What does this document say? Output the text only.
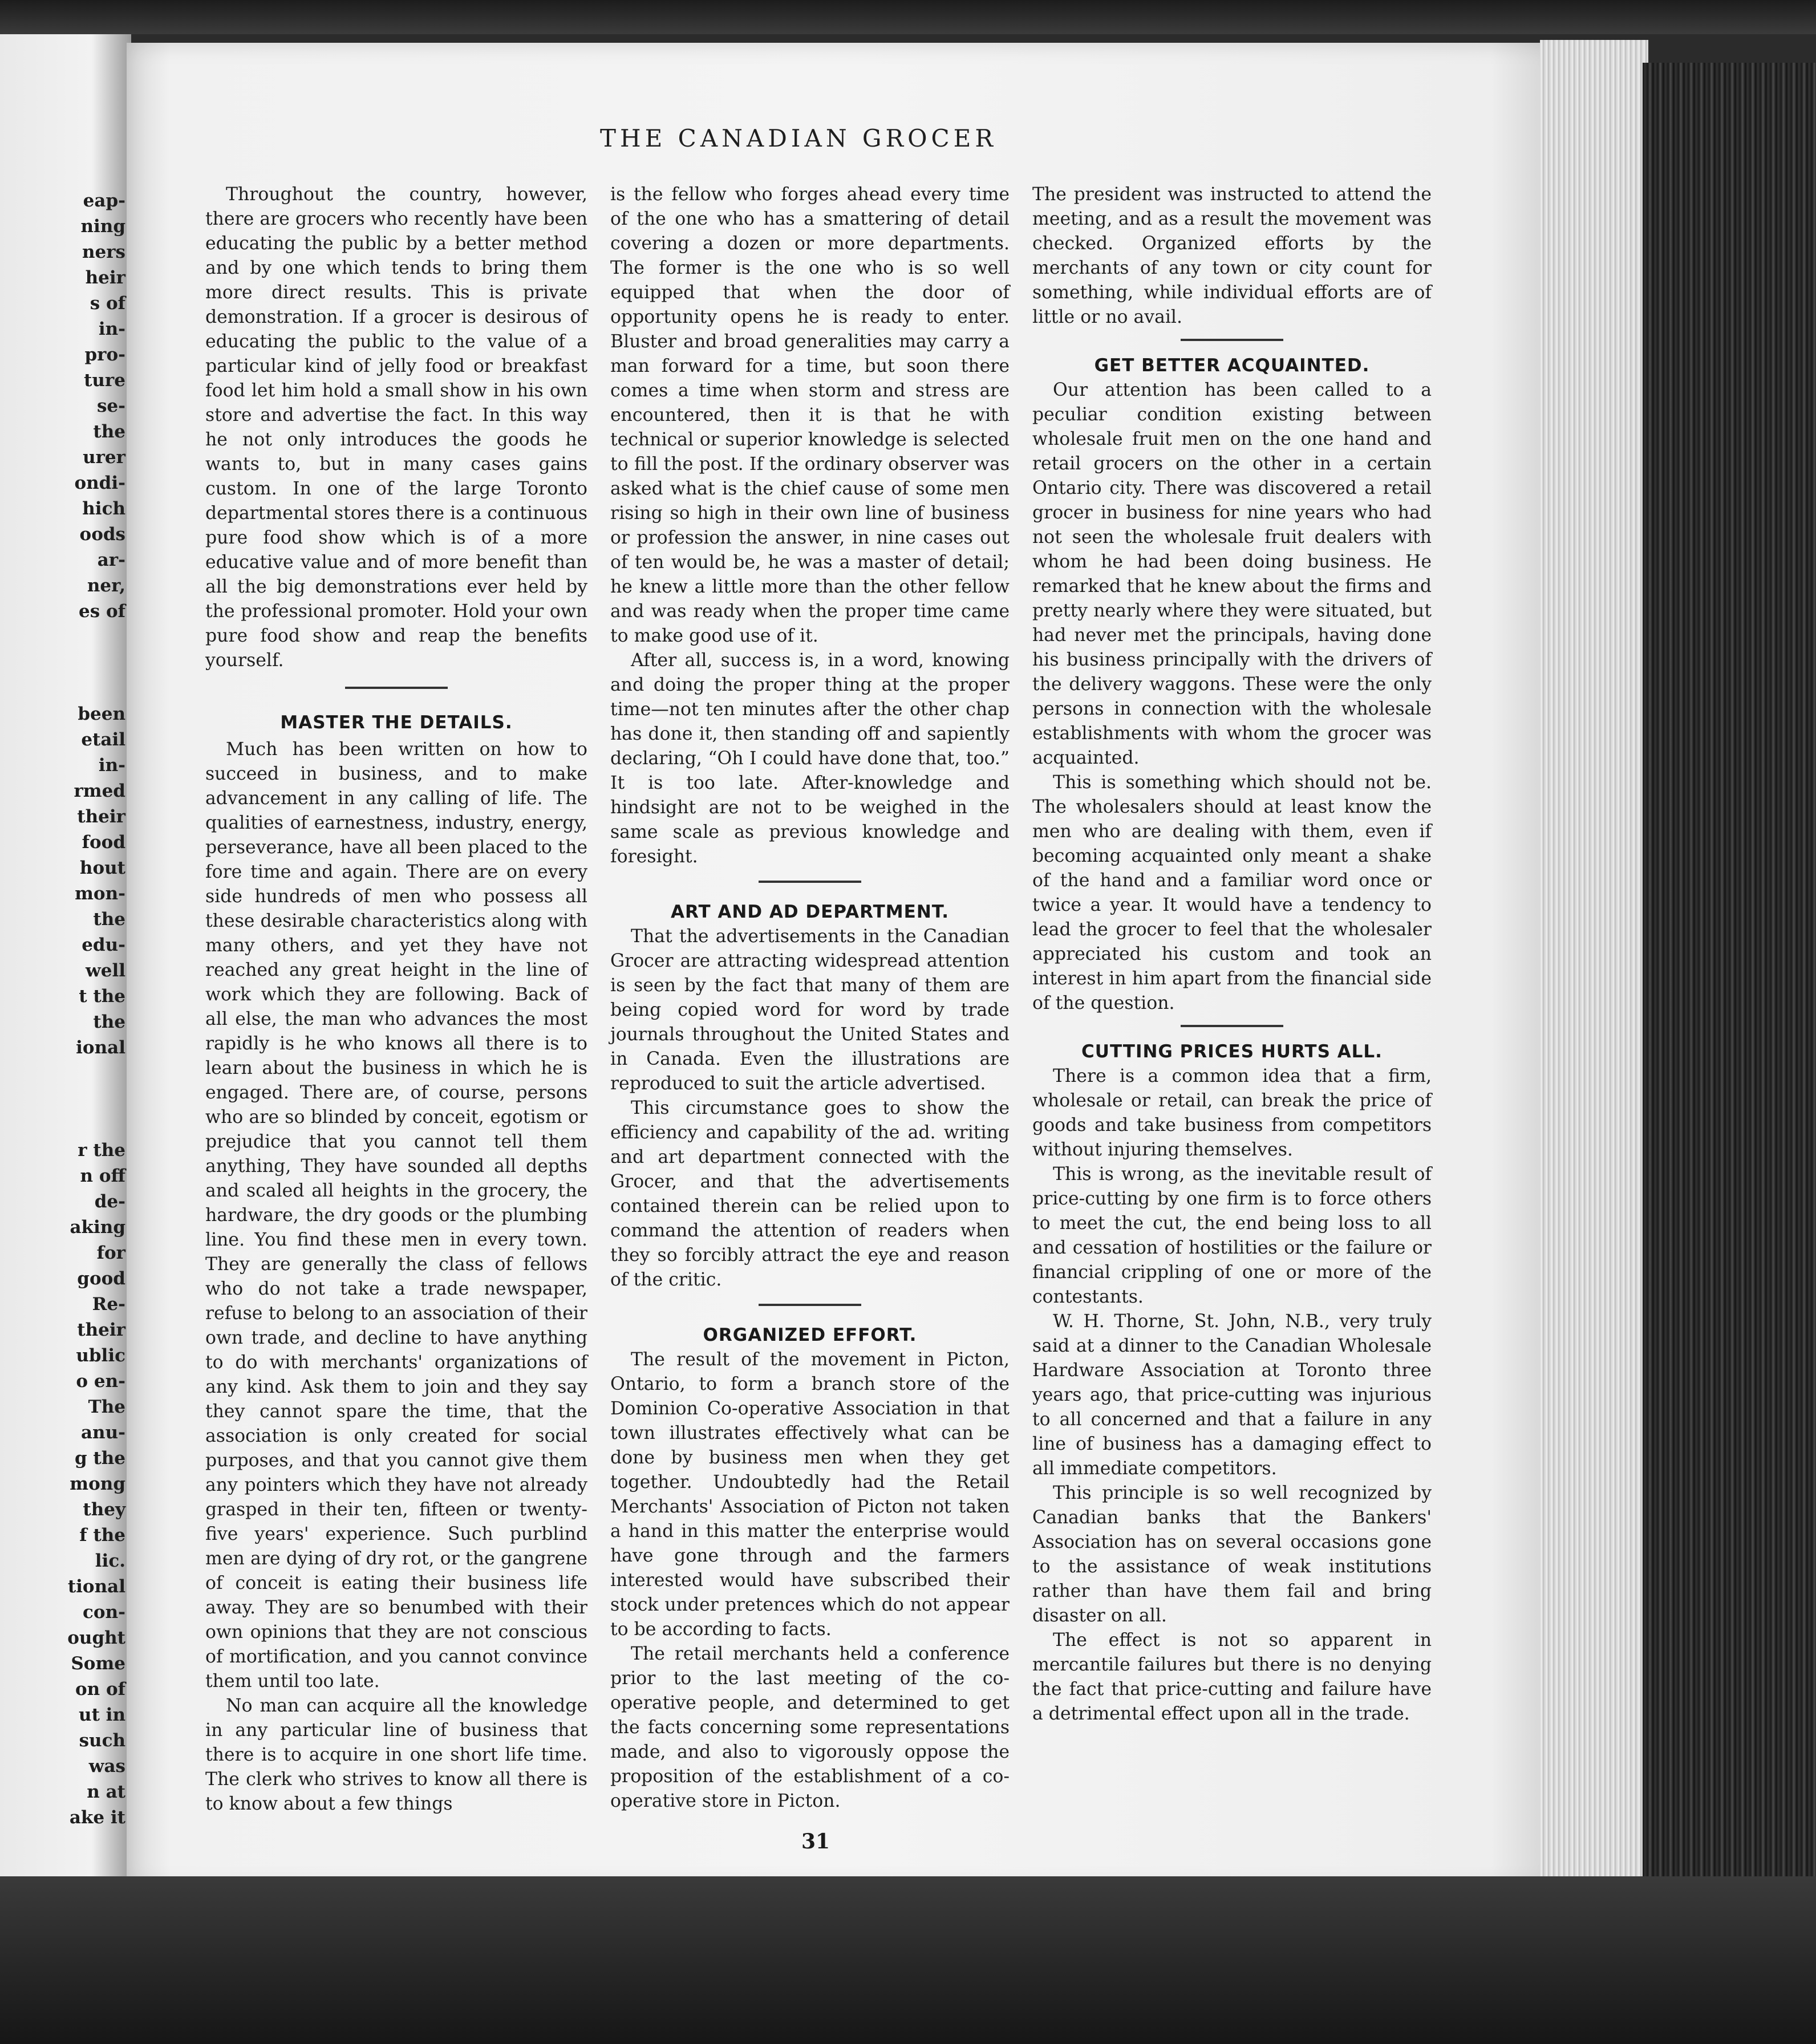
eap-
ning
ners
heir
s of
in-
pro-
ture
se-
the
urer
ondi-
hich
oods
ar-
ner,
es of
been
etail
in-
rmed
their
food
hout
mon-
the
edu-
well
t the
the
ional
r the
n off
de-
aking
for
good
Re-
their
ublic
o en-
The
anu-
g the
mong
they
f the
lic.
tional
con-
ought
Some
on of
ut in
such
was
n at
ake it
THE CANADIAN GROCER

Throughout the country, however, there are grocers who recently have been educating the public by a better method and by one which tends to bring them more direct results. This is private demonstration. If a grocer is desirous of educating the public to the value of a particular kind of jelly food or breakfast food let him hold a small show in his own store and advertise the fact. In this way he not only introduces the goods he wants to, but in many cases gains custom. In one of the large Toronto departmental stores there is a continuous pure food show which is of a more educative value and of more benefit than all the big demonstrations ever held by the professional promoter. Hold your own pure food show and reap the benefits yourself.

MASTER THE DETAILS.

Much has been written on how to succeed in business, and to make advancement in any calling of life. The qualities of earnestness, industry, energy, perseverance, have all been placed to the fore time and again. There are on every side hundreds of men who possess all these desirable characteristics along with many others, and yet they have not reached any great height in the line of work which they are following. Back of all else, the man who advances the most rapidly is he who knows all there is to learn about the business in which he is engaged. There are, of course, persons who are so blinded by conceit, egotism or prejudice that you cannot tell them anything, They have sounded all depths and scaled all heights in the grocery, the hardware, the dry goods or the plumbing line. You find these men in every town. They are generally the class of fellows who do not take a trade newspaper, refuse to belong to an association of their own trade, and decline to have anything to do with merchants' organizations of any kind. Ask them to join and they say they cannot spare the time, that the association is only created for social purposes, and that you cannot give them any pointers which they have not already grasped in their ten, fifteen or twenty-five years' experience. Such purblind men are dying of dry rot, or the gangrene of conceit is eating their business life away. They are so benumbed with their own opinions that they are not conscious of mortification, and you cannot convince them until too late.

No man can acquire all the knowledge in any particular line of business that there is to acquire in one short life time. The clerk who strives to know all there is to know about a few things

is the fellow who forges ahead every time of the one who has a smattering of detail covering a dozen or more departments. The former is the one who is so well equipped that when the door of opportunity opens he is ready to enter. Bluster and broad generalities may carry a man forward for a time, but soon there comes a time when storm and stress are encountered, then it is that he with technical or superior knowledge is selected to fill the post. If the ordinary observer was asked what is the chief cause of some men rising so high in their own line of business or profession the answer, in nine cases out of ten would be, he was a master of detail; he knew a little more than the other fellow and was ready when the proper time came to make good use of it.

After all, success is, in a word, knowing and doing the proper thing at the proper time—not ten minutes after the other chap has done it, then standing off and sapiently declaring, “Oh I could have done that, too.” It is too late. After-knowledge and hindsight are not to be weighed in the same scale as previous knowledge and foresight.

ART AND AD DEPARTMENT.

That the advertisements in the Canadian Grocer are attracting widespread attention is seen by the fact that many of them are being copied word for word by trade journals throughout the United States and in Canada. Even the illustrations are reproduced to suit the article advertised.

This circumstance goes to show the efficiency and capability of the ad. writing and art department connected with the Grocer, and that the advertisements contained therein can be relied upon to command the attention of readers when they so forcibly attract the eye and reason of the critic.

ORGANIZED EFFORT.

The result of the movement in Picton, Ontario, to form a branch store of the Dominion Co-operative Association in that town illustrates effectively what can be done by business men when they get together. Undoubtedly had the Retail Merchants' Association of Picton not taken a hand in this matter the enterprise would have gone through and the farmers interested would have subscribed their stock under pretences which do not appear to be according to facts.

The retail merchants held a conference prior to the last meeting of the co-operative people, and determined to get the facts concerning some representations made, and also to vigorously oppose the proposition of the establishment of a co-operative store in Picton.

The president was instructed to attend the meeting, and as a result the movement was checked. Organized efforts by the merchants of any town or city count for something, while individual efforts are of little or no avail.

GET BETTER ACQUAINTED.

Our attention has been called to a peculiar condition existing between wholesale fruit men on the one hand and retail grocers on the other in a certain Ontario city. There was discovered a retail grocer in business for nine years who had not seen the wholesale fruit dealers with whom he had been doing business. He remarked that he knew about the firms and pretty nearly where they were situated, but had never met the principals, having done his business principally with the drivers of the delivery waggons. These were the only persons in connection with the wholesale establishments with whom the grocer was acquainted.

This is something which should not be. The wholesalers should at least know the men who are dealing with them, even if becoming acquainted only meant a shake of the hand and a familiar word once or twice a year. It would have a tendency to lead the grocer to feel that the wholesaler appreciated his custom and took an interest in him apart from the financial side of the question.

CUTTING PRICES HURTS ALL.

There is a common idea that a firm, wholesale or retail, can break the price of goods and take business from competitors without injuring themselves.

This is wrong, as the inevitable result of price-cutting by one firm is to force others to meet the cut, the end being loss to all and cessation of hostilities or the failure or financial crippling of one or more of the contestants.

W. H. Thorne, St. John, N.B., very truly said at a dinner to the Canadian Wholesale Hardware Association at Toronto three years ago, that price-cutting was injurious to all concerned and that a failure in any line of business has a damaging effect to all immediate competitors.

This principle is so well recognized by Canadian banks that the Bankers' Association has on several occasions gone to the assistance of weak institutions rather than have them fail and bring disaster on all.

The effect is not so apparent in mercantile failures but there is no denying the fact that price-cutting and failure have a detrimental effect upon all in the trade.

31
